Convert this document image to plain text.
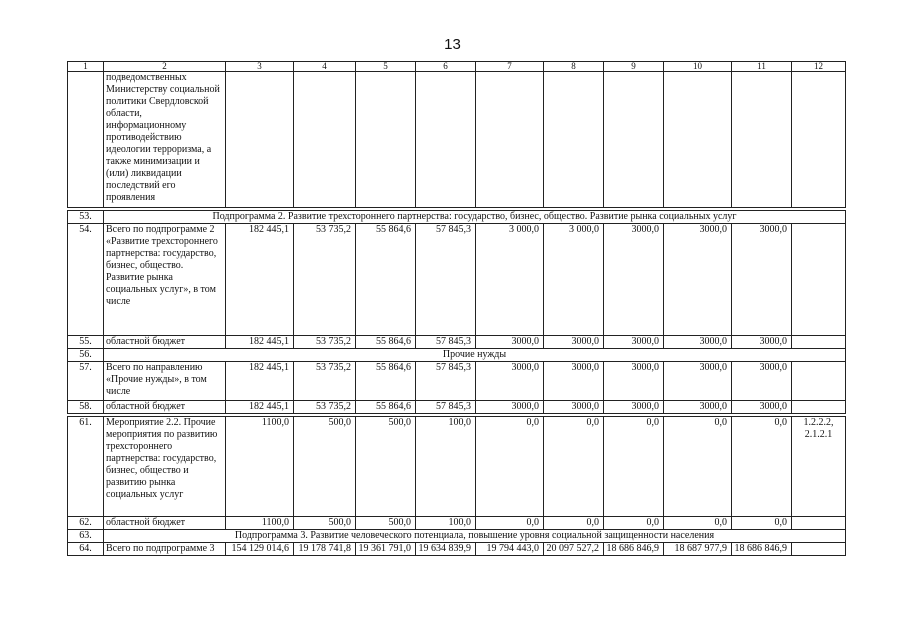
13
1	2	3	4	5	6	7	8	9	10	11	12
	подведомственных Министерству социальной политики Свердловской области, информационному противодействию идеологии терроризма, а также минимизации и (или) ликвидации последствий его проявления										

53.	Подпрограмма 2. Развитие трехстороннего партнерства: государство, бизнес, общество. Развитие рынка социальных услуг										
54.	Всего по подпрограмме 2 «Развитие трехстороннего партнерства: государство, бизнес, общество. Развитие рынка социальных услуг», в том числе	182 445,1	53 735,2	55 864,6	57 845,3	3 000,0	3 000,0	3000,0	3000,0	3000,0	
55.	областной бюджет	182 445,1	53 735,2	55 864,6	57 845,3	3000,0	3000,0	3000,0	3000,0	3000,0	
56.	Прочие нужды										
57.	Всего по направлению «Прочие нужды», в том числе	182 445,1	53 735,2	55 864,6	57 845,3	3000,0	3000,0	3000,0	3000,0	3000,0	
58.	областной бюджет	182 445,1	53 735,2	55 864,6	57 845,3	3000,0	3000,0	3000,0	3000,0	3000,0	

61.	Мероприятие 2.2. Прочие мероприятия по развитию трехстороннего партнерства: государство, бизнес, общество и развитию рынка социальных услуг	1100,0	500,0	500,0	100,0	0,0	0,0	0,0	0,0	0,0	1.2.2.2, 2.1.2.1
62.	областной бюджет	1100,0	500,0	500,0	100,0	0,0	0,0	0,0	0,0	0,0	
63.	Подпрограмма 3. Развитие человеческого потенциала, повышение уровня социальной защищенности населения										
64.	Всего по подпрограмме 3	154 129 014,6	19 178 741,8	19 361 791,0	19 634 839,9	19 794 443,0	20 097 527,2	18 686 846,9	18 687 977,9	18 686 846,9	
